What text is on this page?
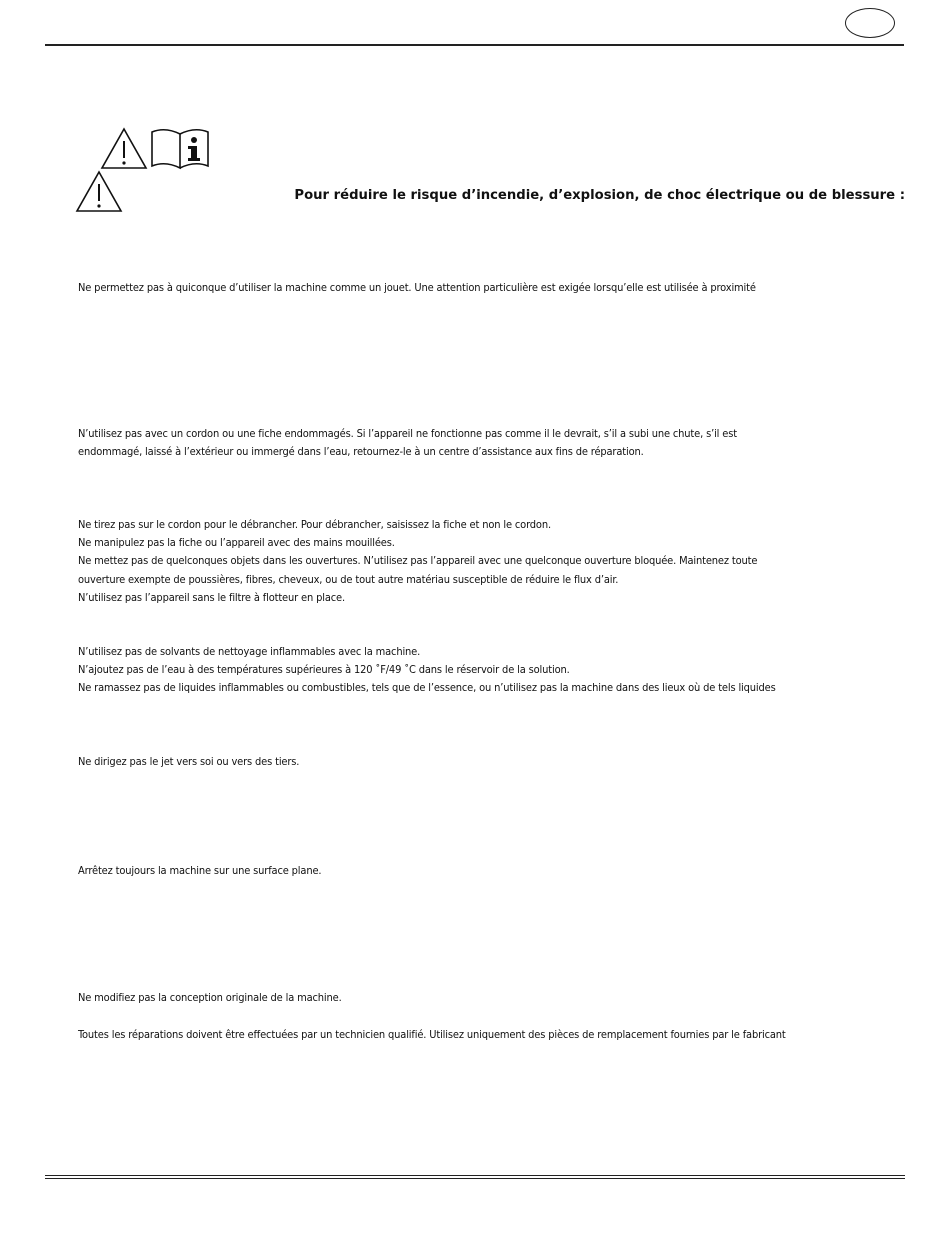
Pour réduire le risque d’incendie, d’explosion, de choc électrique ou de blessure :
Ne permettez pas à quiconque d’utiliser la machine comme un jouet. Une attention particulière est exigée lorsqu’elle est utilisée à proximité
N’utilisez pas avec un cordon ou une fiche endommagés. Si l’appareil ne fonctionne pas comme il le devrait, s’il a subi une chute, s’il est
endommagé, laissé à l’extérieur ou immergé dans l’eau, retournez-le à un centre d’assistance aux fins de réparation.
Ne tirez pas sur le cordon pour le débrancher. Pour débrancher, saisissez la fiche et non le cordon.
Ne manipulez pas la fiche ou l’appareil avec des mains mouillées.
Ne mettez pas de quelconques objets dans les ouvertures. N’utilisez pas l’appareil avec une quelconque ouverture bloquée. Maintenez toute
ouverture exempte de poussières, fibres, cheveux, ou de tout autre matériau susceptible de réduire le flux d’air.
N’utilisez pas l’appareil sans le filtre à flotteur en place.
N’utilisez pas de solvants de nettoyage inflammables avec la machine.
N’ajoutez pas de l’eau à des températures supérieures à 120 ˚F/49 ˚C dans le réservoir de la solution.
Ne ramassez pas de liquides inflammables ou combustibles, tels que de l’essence, ou n’utilisez pas la machine dans des lieux où de tels liquides
Ne dirigez pas le jet vers soi ou vers des tiers.
Arrêtez toujours la machine sur une surface plane.
Ne modifiez pas la conception originale de la machine.
Toutes les réparations doivent être effectuées par un technicien qualifié. Utilisez uniquement des pièces de remplacement fournies par le fabricant
